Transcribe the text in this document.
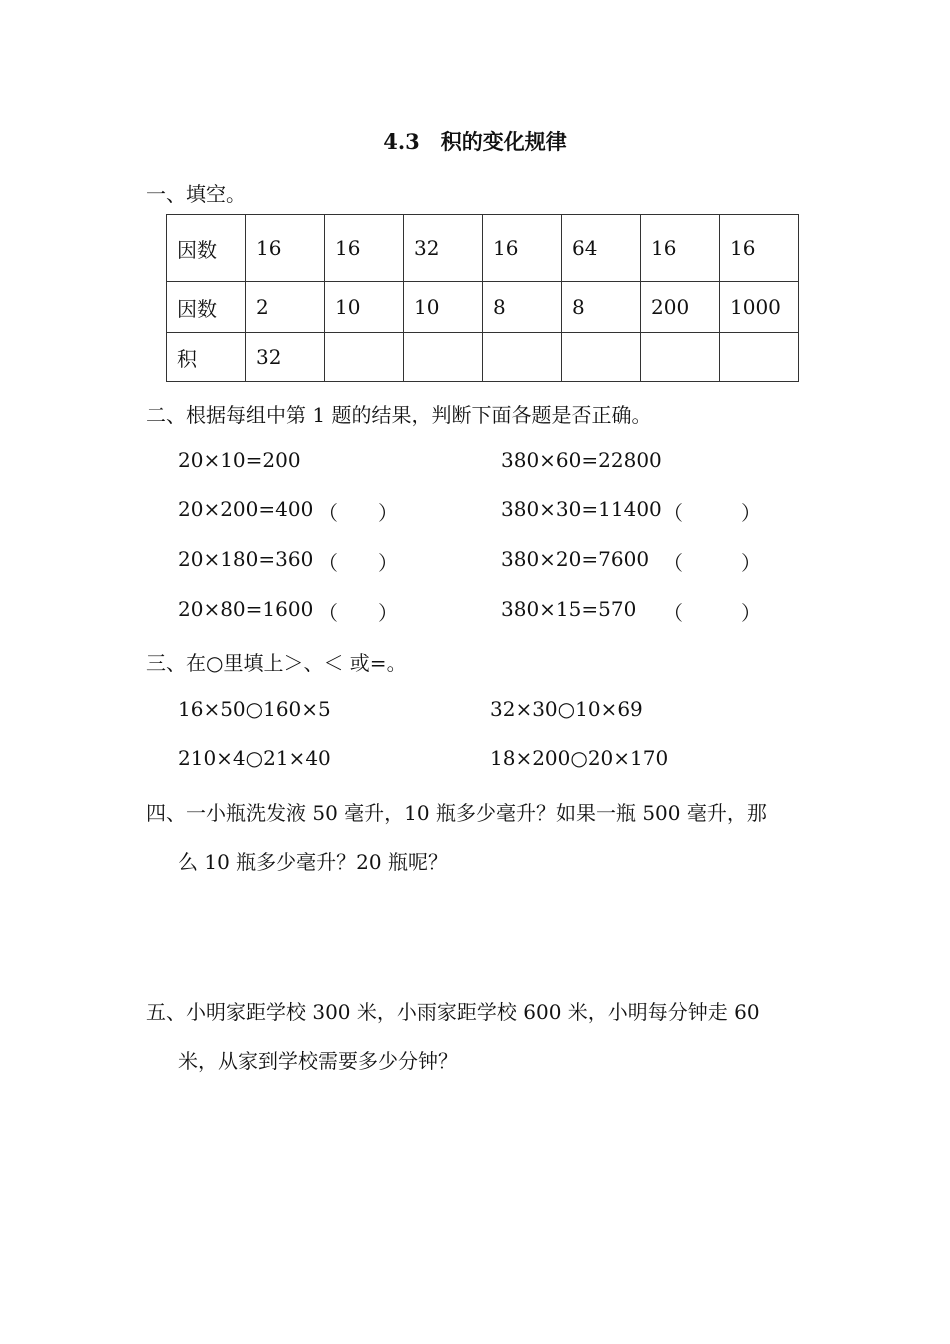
4.3　积的变化规律
一、填空。
因数	16	16	32	16	64	16	16
因数	2	10	10	8	8	200	1000
积	32						
二、根据每组中第 1 题的结果，判断下面各题是否正确。
20×10=200	380×60=22800
20×200=400 （　　）	380×30=11400 （　　）
20×180=360 （　　）	380×20=7600 （　　）
20×80=1600 （　　）	380×15=570 （　　）
三、在○里填上＞、＜ 或=。
16×50○160×5	32×30○10×69
210×4○21×40	18×200○20×170
四、一小瓶洗发液 50 毫升，10 瓶多少毫升？如果一瓶 500 毫升，那
么 10 瓶多少毫升？20 瓶呢？
五、小明家距学校 300 米，小雨家距学校 600 米，小明每分钟走 60
米，从家到学校需要多少分钟？
